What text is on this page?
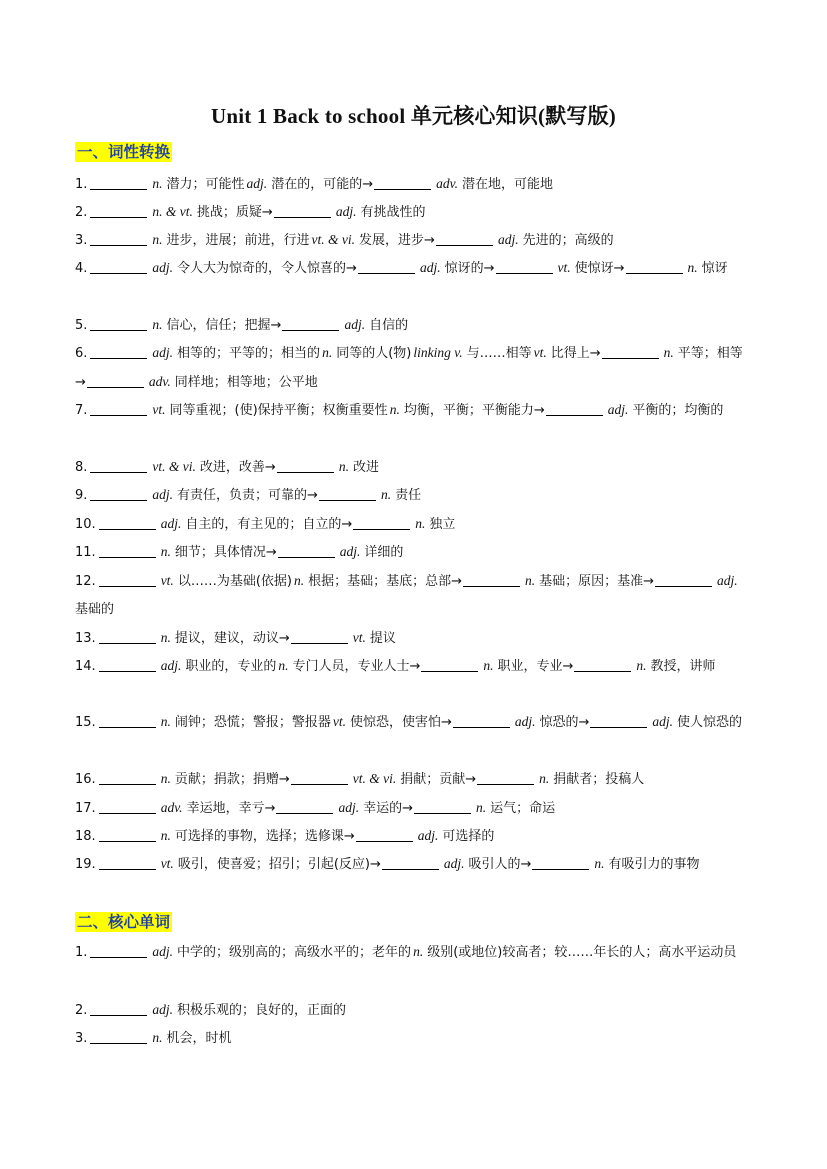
Unit 1 Back to school 单元核心知识(默写版)
一、词性转换
1.	n. 潜力；可能性 adj. 潜在的，可能的→	adv. 潜在地，可能地
2.	n. & vt. 挑战；质疑→	adj. 有挑战性的
3.	n. 进步，进展；前进，行进 vt. & vi. 发展，进步→	adj. 先进的；高级的
4.	adj. 令人大为惊奇的，令人惊喜的→	adj. 惊讶的→	vt. 使惊讶→	n. 惊讶
5.	n. 信心，信任；把握→	adj. 自信的
6.	adj. 相等的；平等的；相当的 n. 同等的人(物) linking v. 与……相等 vt. 比得上→	n. 平等；相等→	adv. 同样地；相等地；公平地
7.	vt. 同等重视；(使)保持平衡；权衡重要性 n. 均衡，平衡；平衡能力→	adj. 平衡的；均衡的
8.	vt. & vi. 改进，改善→	n. 改进
9.	adj. 有责任，负责；可靠的→	n. 责任
10.	adj. 自主的，有主见的；自立的→	n. 独立
11.	n. 细节；具体情况→	adj. 详细的
12.	vt. 以……为基础(依据) n. 根据；基础；基底；总部→	n. 基础；原因；基准→	adj.基础的
13.	n. 提议，建议，动议→	vt. 提议
14.	adj. 职业的，专业的 n. 专门人员，专业人士→	n. 职业，专业→	n. 教授，讲师
15.	n. 闹钟；恐慌；警报；警报器 vt. 使惊恐，使害怕→	adj. 惊恐的→	adj. 使人惊恐的
16.	n. 贡献；捐款；捐赠→	vt. & vi. 捐献；贡献→	n. 捐献者；投稿人
17.	adv. 幸运地，幸亏→	adj. 幸运的→	n. 运气；命运
18.	n. 可选择的事物，选择；选修课→	adj. 可选择的
19.	vt. 吸引，使喜爱；招引；引起(反应)→	adj. 吸引人的→	n. 有吸引力的事物
二、核心单词
1.	adj. 中学的；级别高的；高级水平的；老年的 n. 级别(或地位)较高者；较……年长的人；高水平运动员
2.	adj. 积极乐观的；良好的，正面的
3.	n. 机会，时机
